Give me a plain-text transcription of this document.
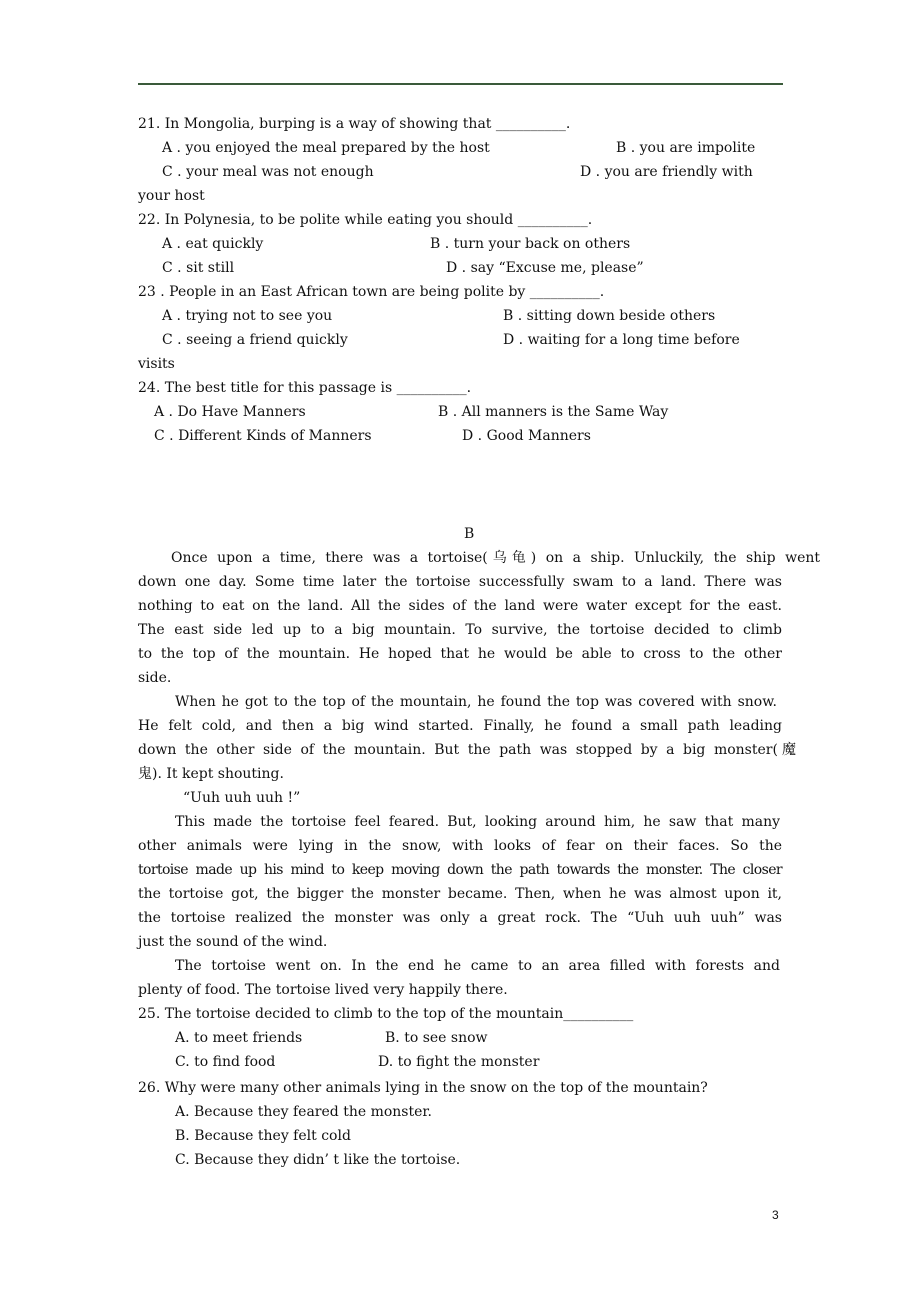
21. In Mongolia, burping is a way of showing that __________.
A . you enjoyed the meal prepared by the host	B . you are impolite
C . your meal was not enough	D . you are friendly with
your host
22. In Polynesia, to be polite while eating you should __________.
A . eat quickly	B . turn your back on others
C . sit still	D . say “Excuse me, please”
23 . People in an East African town are being polite by __________.
A . trying not to see you	B . sitting down beside others
C . seeing a friend quickly	D . waiting for a long time before
visits
24. The best title for this passage is __________.
A . Do Have Manners	B . All manners is the Same Way
C . Different Kinds of Manners	D . Good Manners
B
Once upon a time, there was a tortoise(乌龟) on a ship. Unluckily, the ship went
down one day. Some time later the tortoise successfully swam to a land. There was
nothing to eat on the land. All the sides of the land were water except for the east.
The east side led up to a big mountain. To survive, the tortoise decided to climb
to the top of the mountain. He hoped that he would be able to cross to the other
side.
When he got to the top of the mountain, he found the top was covered with snow.
He felt cold, and then a big wind started. Finally, he found a small path leading
down the other side of the mountain. But the path was stopped by a big monster(魔
鬼). It kept shouting.
“Uuh uuh uuh !”
This made the tortoise feel feared. But, looking around him, he saw that many
other animals were lying in the snow, with looks of fear on their faces. So the
tortoise made up his mind to keep moving down the path towards the monster. The closer
the tortoise got, the bigger the monster became. Then, when he was almost upon it,
the tortoise realized the monster was only a great rock. The “Uuh uuh uuh” was
just the sound of the wind.
The tortoise went on. In the end he came to an area filled with forests and
plenty of food. The tortoise lived very happily there.
25. The tortoise decided to climb to the top of the mountain__________
A. to meet friends	B. to see snow
C. to find food	D. to fight the monster
26. Why were many other animals lying in the snow on the top of the mountain?
A. Because they feared the monster.
B. Because they felt cold
C. Because they didn’ t like the tortoise.
3
